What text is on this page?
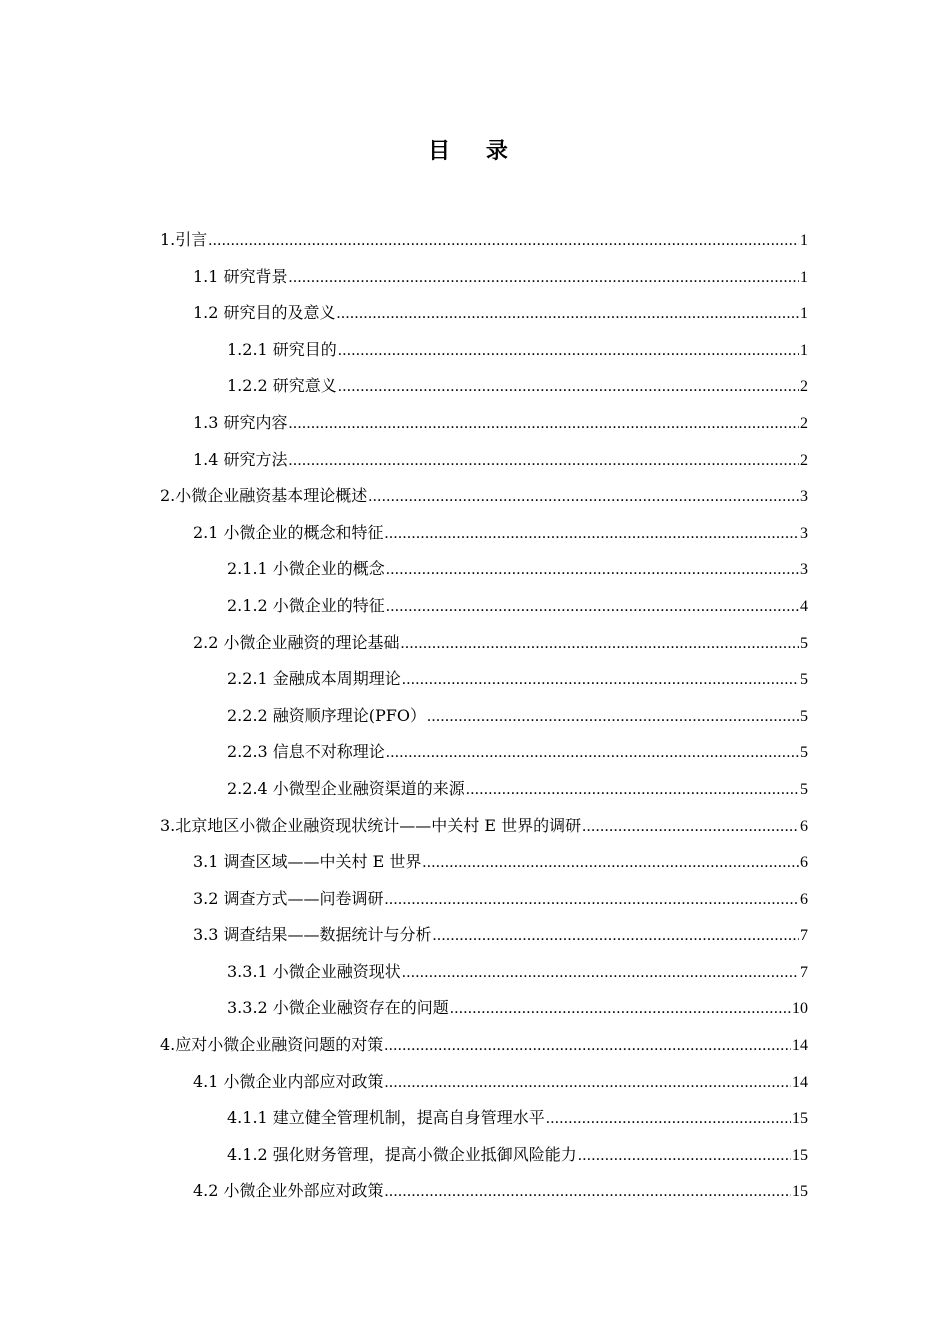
目 录
1.引言 .....	1
1.1 研究背景 .....	1
1.2 研究目的及意义 .....	1
1.2.1 研究目的 .....	1
1.2.2 研究意义 .....	2
1.3 研究内容 .....	2
1.4 研究方法 .....	2
2.小微企业融资基本理论概述 .....	3
2.1 小微企业的概念和特征 .....	3
2.1.1 小微企业的概念 .....	3
2.1.2 小微企业的特征 .....	4
2.2 小微企业融资的理论基础 .....	5
2.2.1 金融成本周期理论 .....	5
2.2.2 融资顺序理论(PFO） .....	5
2.2.3 信息不对称理论 .....	5
2.2.4 小微型企业融资渠道的来源 .....	5
3.北京地区小微企业融资现状统计——中关村 E 世界的调研 .....	6
3.1 调查区域——中关村 E 世界 .....	6
3.2 调查方式——问卷调研 .....	6
3.3 调查结果——数据统计与分析 .....	7
3.3.1 小微企业融资现状 .....	7
3.3.2 小微企业融资存在的问题 .....	10
4.应对小微企业融资问题的对策 .....	14
4.1 小微企业内部应对政策 .....	14
4.1.1 建立健全管理机制，提高自身管理水平 .....	15
4.1.2 强化财务管理，提高小微企业抵御风险能力 .....	15
4.2 小微企业外部应对政策 .....	15
